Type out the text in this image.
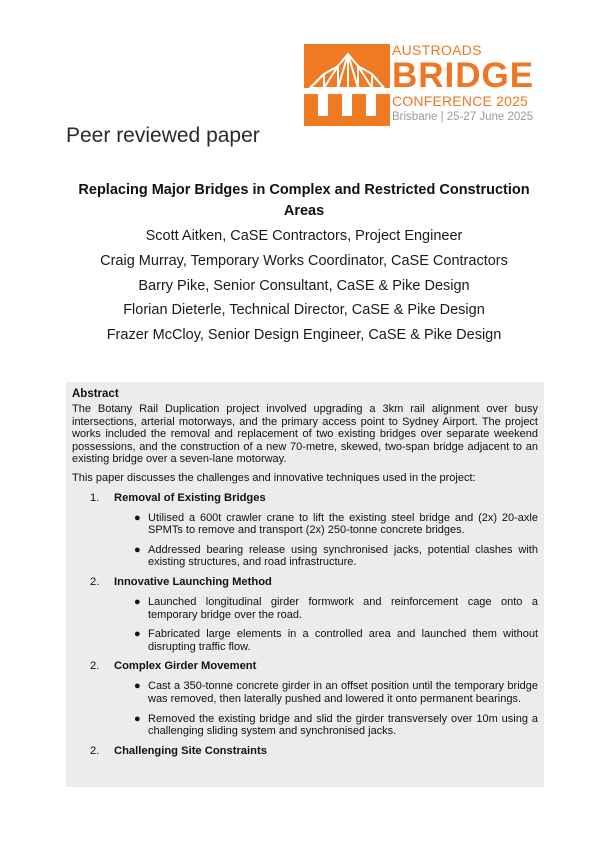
AUSTROADS
BRIDGE
CONFERENCE 2025
Brisbane | 25-27 June 2025
Peer reviewed paper
Replacing Major Bridges in Complex and Restricted Construction Areas
Scott Aitken, CaSE Contractors, Project Engineer
Craig Murray, Temporary Works Coordinator, CaSE Contractors
Barry Pike, Senior Consultant, CaSE & Pike Design
Florian Dieterle, Technical Director, CaSE & Pike Design
Frazer McCloy, Senior Design Engineer, CaSE & Pike Design
Abstract

The Botany Rail Duplication project involved upgrading a 3km rail alignment over busy intersections, arterial motorways, and the primary access point to Sydney Airport. The project works included the removal and replacement of two existing bridges over separate weekend possessions, and the construction of a new 70-metre, skewed, two-span bridge adjacent to an existing bridge over a seven-lane motorway.

This paper discusses the challenges and innovative techniques used in the project:

1.	Removal of Existing Bridges
● Utilised a 600t crawler crane to lift the existing steel bridge and (2x) 20-axle SPMTs to remove and transport (2x) 250-tonne concrete bridges.
● Addressed bearing release using synchronised jacks, potential clashes with existing structures, and road infrastructure.
2.	Innovative Launching Method
● Launched longitudinal girder formwork and reinforcement cage onto a temporary bridge over the road.
● Fabricated large elements in a controlled area and launched them without disrupting traffic flow.
2.	Complex Girder Movement
● Cast a 350-tonne concrete girder in an offset position until the temporary bridge was removed, then laterally pushed and lowered it onto permanent bearings.
● Removed the existing bridge and slid the girder transversely over 10m using a challenging sliding system and synchronised jacks.
2.	Challenging Site Constraints
